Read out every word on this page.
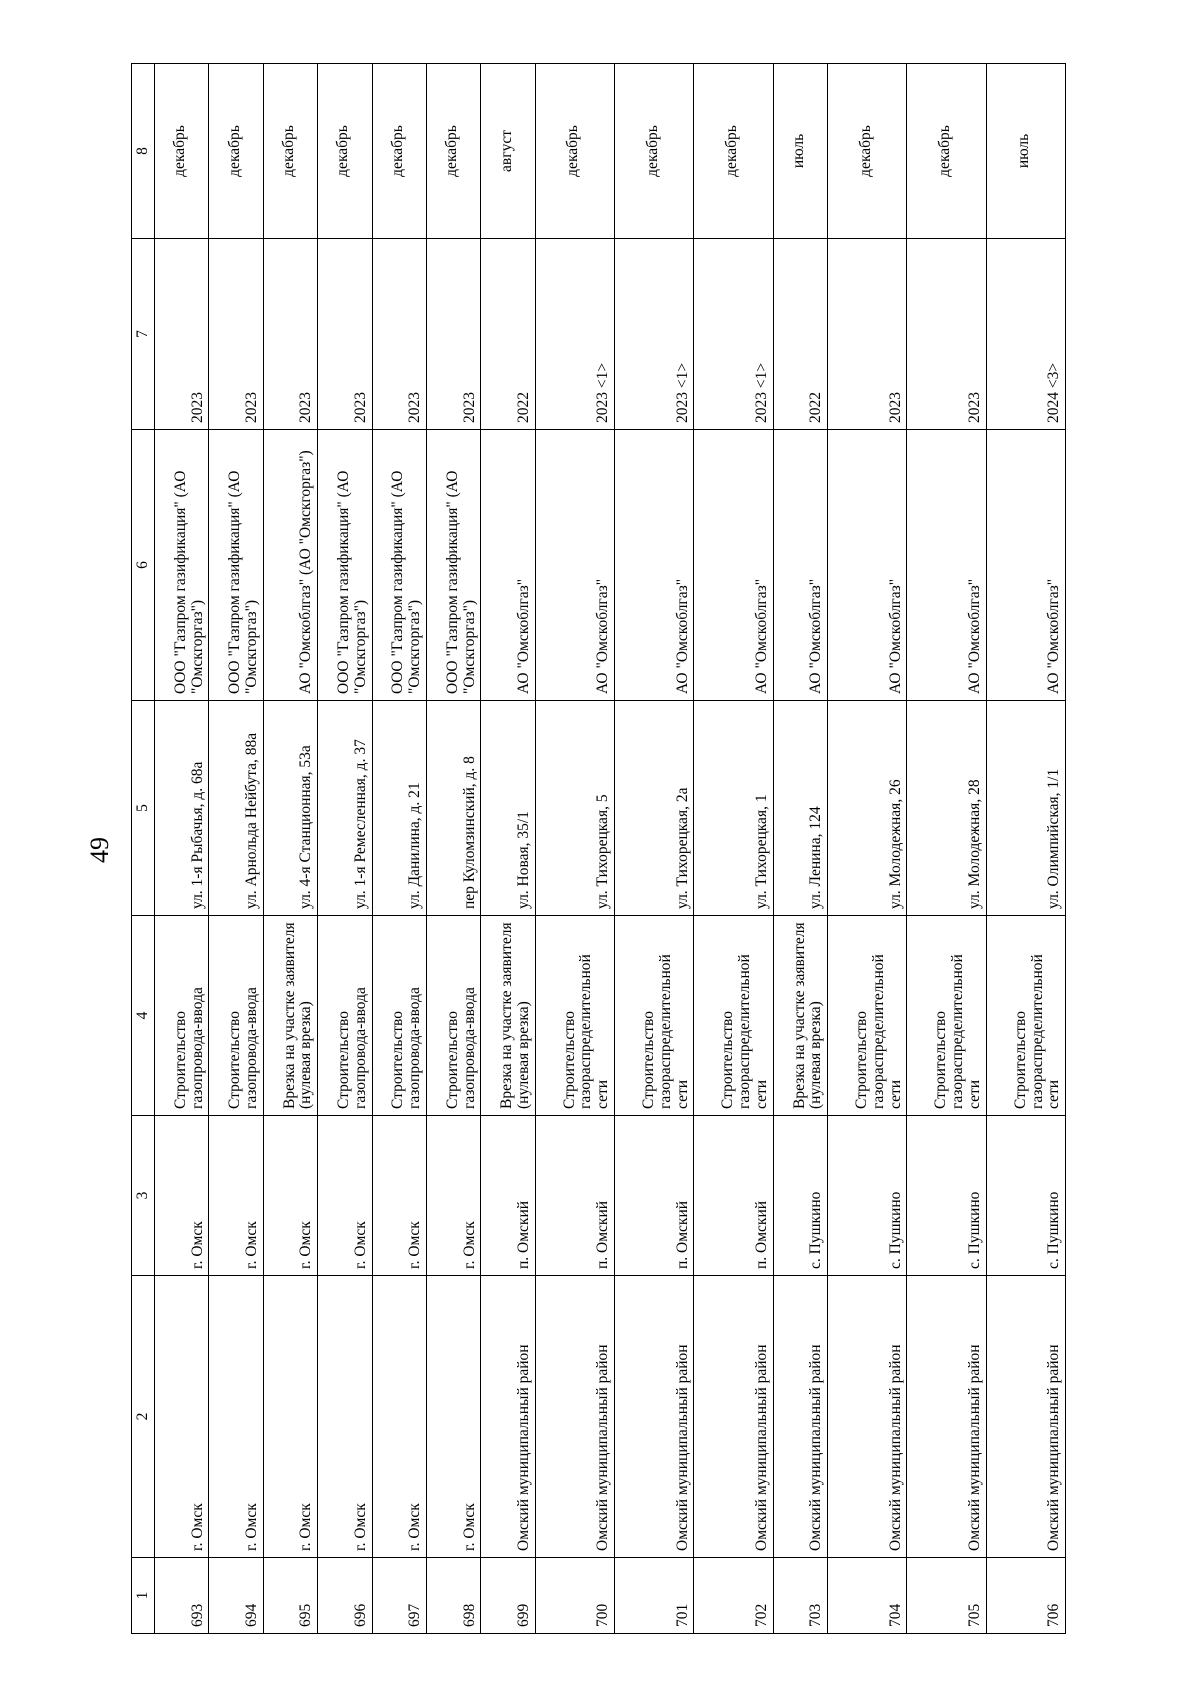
49
1	2	3	4	5	6	7	8
693	г. Омск	г. Омск	Строительство газопровода-ввода	ул. 1-я Рыбачья, д. 68а	ООО "Газпром газификация" (АО "Омскгоргаз")	2023	декабрь
694	г. Омск	г. Омск	Строительство газопровода-ввода	ул. Арнольда Нейбута, 88а	ООО "Газпром газификация" (АО "Омскгоргаз")	2023	декабрь
695	г. Омск	г. Омск	Врезка на участке заявителя (нулевая врезка)	ул. 4-я Станционная, 53а	АО "Омскоблгаз" (АО "Омскгоргаз")	2023	декабрь
696	г. Омск	г. Омск	Строительство газопровода-ввода	ул. 1-я Ремесленная, д. 37	ООО "Газпром газификация" (АО "Омскгоргаз")	2023	декабрь
697	г. Омск	г. Омск	Строительство газопровода-ввода	ул. Данилина, д. 21	ООО "Газпром газификация" (АО "Омскгоргаз")	2023	декабрь
698	г. Омск	г. Омск	Строительство газопровода-ввода	пер Куломзинский, д. 8	ООО "Газпром газификация" (АО "Омскгоргаз")	2023	декабрь
699	Омский муниципальный район	п. Омский	Врезка на участке заявителя (нулевая врезка)	ул. Новая, 35/1	АО "Омскоблгаз"	2022	август
700	Омский муниципальный район	п. Омский	Строительство газораспределительной сети	ул. Тихорецкая, 5	АО "Омскоблгаз"	2023 <1>	декабрь
701	Омский муниципальный район	п. Омский	Строительство газораспределительной сети	ул. Тихорецкая, 2а	АО "Омскоблгаз"	2023 <1>	декабрь
702	Омский муниципальный район	п. Омский	Строительство газораспределительной сети	ул. Тихорецкая, 1	АО "Омскоблгаз"	2023 <1>	декабрь
703	Омский муниципальный район	с. Пушкино	Врезка на участке заявителя (нулевая врезка)	ул. Ленина, 124	АО "Омскоблгаз"	2022	июль
704	Омский муниципальный район	с. Пушкино	Строительство газораспределительной сети	ул. Молодежная, 26	АО "Омскоблгаз"	2023	декабрь
705	Омский муниципальный район	с. Пушкино	Строительство газораспределительной сети	ул. Молодежная, 28	АО "Омскоблгаз"	2023	декабрь
706	Омский муниципальный район	с. Пушкино	Строительство газораспределительной сети	ул. Олимпийская, 1/1	АО "Омскоблгаз"	2024 <3>	июль
